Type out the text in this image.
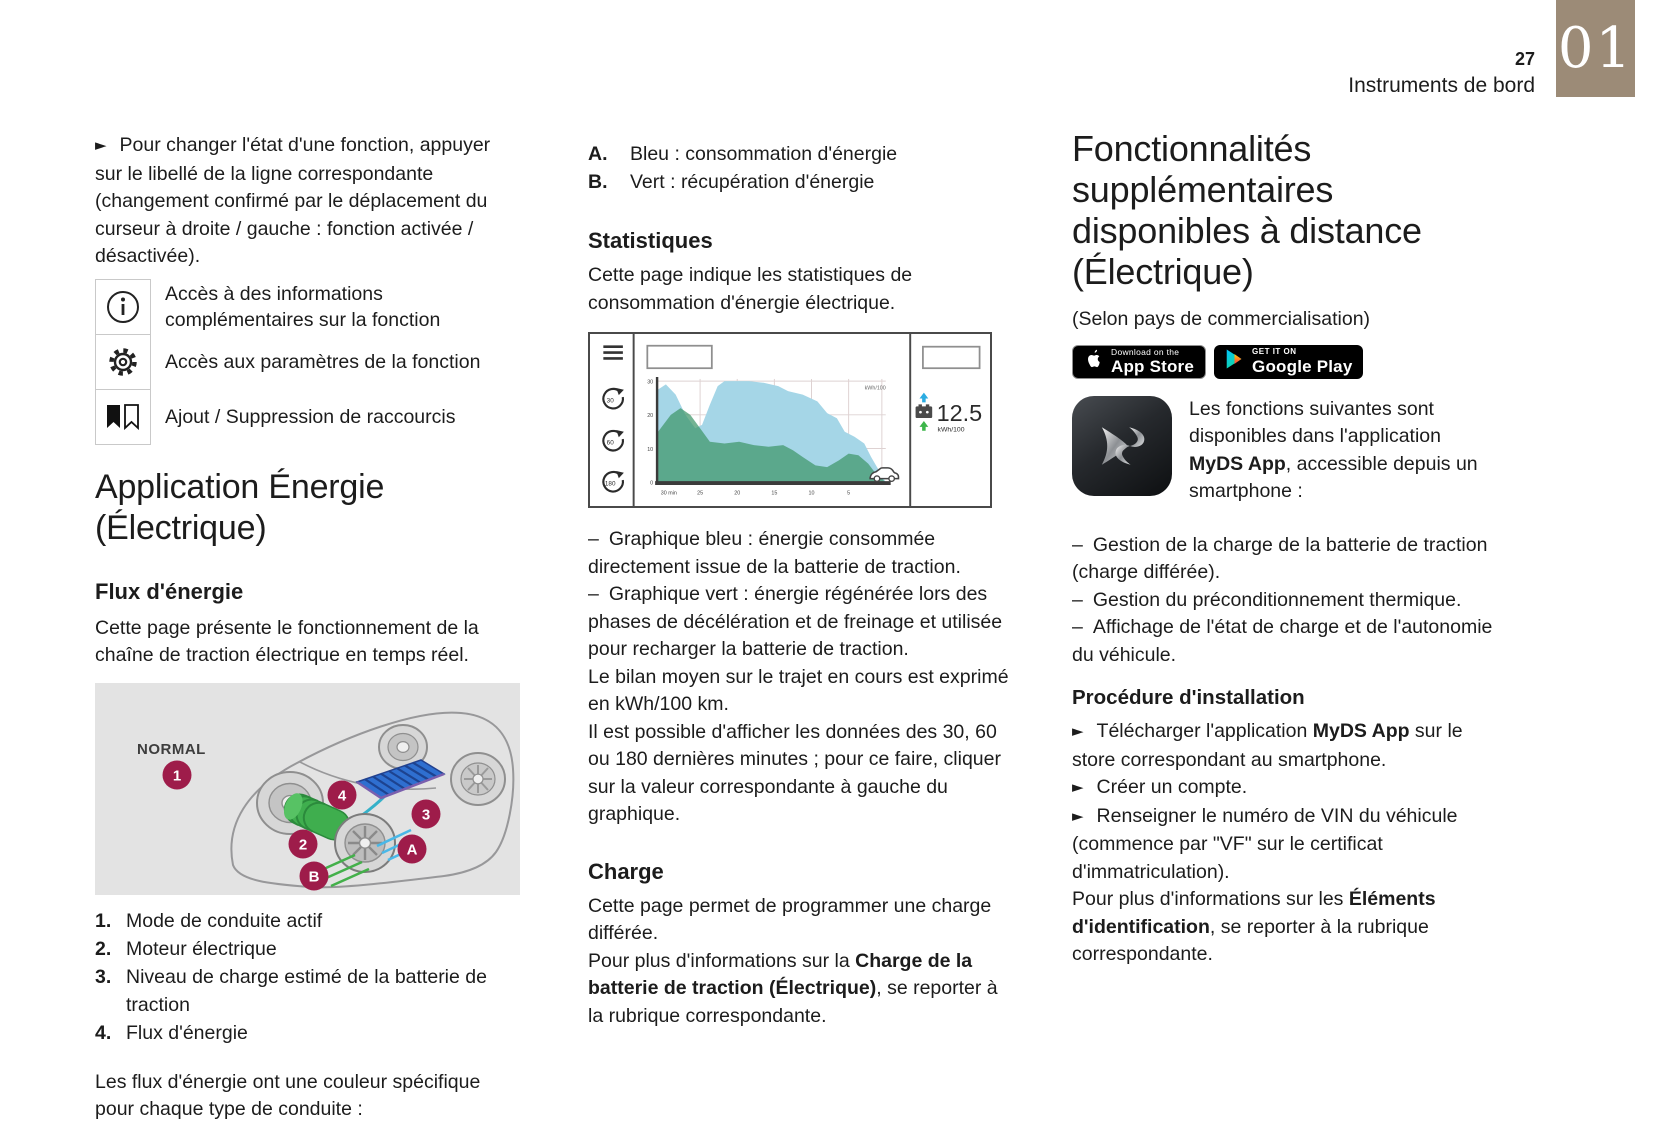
27
Instruments de bord
01

► Pour changer l'état d'une fonction, appuyer sur le libellé de la ligne correspondante (changement confirmé par le déplacement du curseur à droite / gauche : fonction activée / désactivée).

Accès à des informations complémentaires sur la fonction
Accès aux paramètres de la fonction
Ajout / Suppression de raccourcis
Application Énergie (Électrique)
Flux d'énergie

Cette page présente le fonctionnement de la chaîne de traction électrique en temps réel.

NORMAL
1
4
3
2	A
B
1. Mode de conduite actif
2. Moteur électrique
3. Niveau de charge estimé de la batterie de traction
4. Flux d'énergie

Les flux d'énergie ont une couleur spécifique pour chaque type de conduite :

A.	Bleu : consommation d'énergie
B.	Vert : récupération d'énergie
Statistiques

Cette page indique les statistiques de consommation d'énergie électrique.

30
60
180
30
20
10
0
30 min	25	20	15	10	5
kWh/100
12.5
kWh/100

– Graphique bleu : énergie consommée directement issue de la batterie de traction.

– Graphique vert : énergie régénérée lors des phases de décélération et de freinage et utilisée pour recharger la batterie de traction.

Le bilan moyen sur le trajet en cours est exprimé en kWh/100 km.

Il est possible d'afficher les données des 30, 60 ou 180 dernières minutes ; pour ce faire, cliquer sur la valeur correspondante à gauche du graphique.

Charge

Cette page permet de programmer une charge différée.

Pour plus d'informations sur la Charge de la batterie de traction (Électrique), se reporter à la rubrique correspondante.

Fonctionnalités supplémentaires disponibles à distance (Électrique)

(Selon pays de commercialisation)

Download on the
App Store
GET IT ON
Google Play

Les fonctions suivantes sont disponibles dans l'application MyDS App, accessible depuis un smartphone :

– Gestion de la charge de la batterie de traction (charge différée).

– Gestion du préconditionnement thermique.

– Affichage de l'état de charge et de l'autonomie du véhicule.

Procédure d'installation

► Télécharger l'application MyDS App sur le store correspondant au smartphone.

► Créer un compte.

► Renseigner le numéro de VIN du véhicule (commence par "VF" sur le certificat d'immatriculation).

Pour plus d'informations sur les Éléments d'identification, se reporter à la rubrique correspondante.
